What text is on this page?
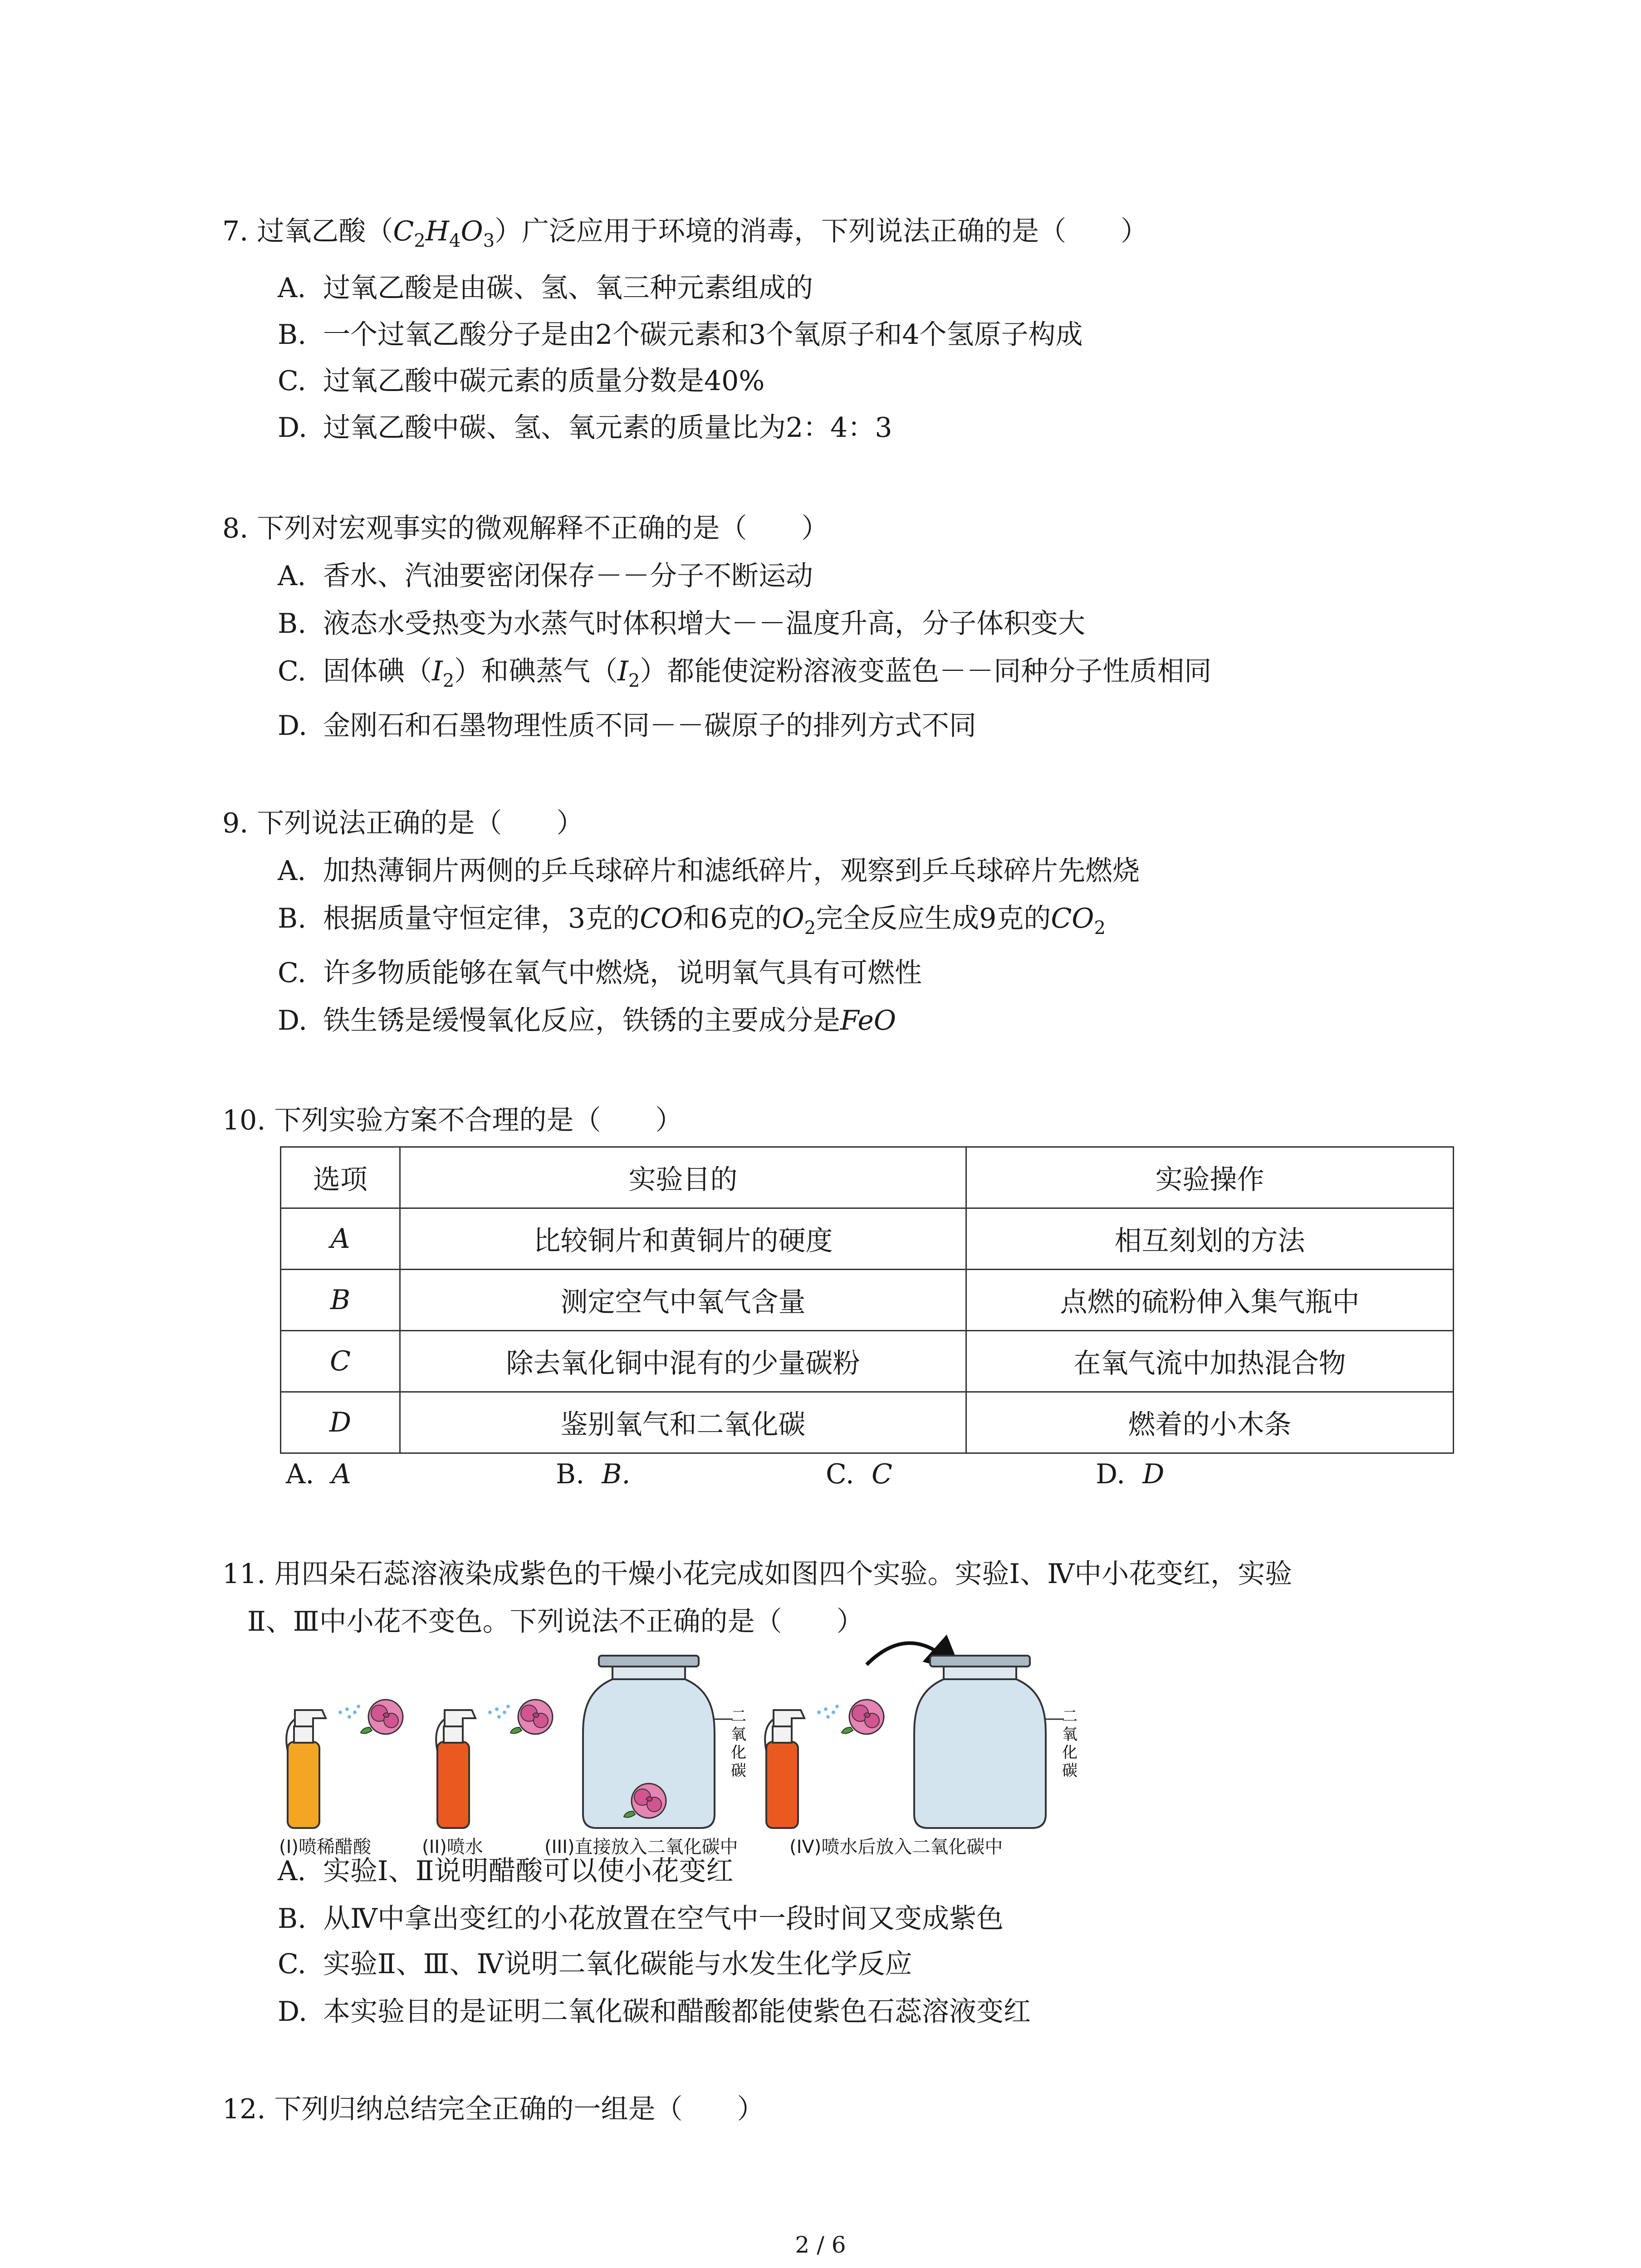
7. 过氧乙酸$(C_2H_4O_3)$广泛应用于环境的消毒，下列说法正确的是（　　）
A. 过氧乙酸是由碳、氢、氧三种元素组成的
B. 一个过氧乙酸分子是由2个碳元素和3个氧原子和4个氢原子构成
C. 过氧乙酸中碳元素的质量分数是40%
D. 过氧乙酸中碳、氢、氧元素的质量比为2：4：3
8. 下列对宏观事实的微观解释不正确的是（　　）
A. 香水、汽油要密闭保存－－分子不断运动
B. 液态水受热变为水蒸气时体积增大－－温度升高，分子体积变大
C. 固体碘$(I_2)$和碘蒸气$(I_2)$都能使淀粉溶液变蓝色－－同种分子性质相同
D. 金刚石和石墨物理性质不同－－碳原子的排列方式不同
9. 下列说法正确的是（　　）
A. 加热薄铜片两侧的乒乓球碎片和滤纸碎片，观察到乒乓球碎片先燃烧
B. 根据质量守恒定律，3克的CO和6克的$O_2$完全反应生成9克的$CO_2$
C. 许多物质能够在氧气中燃烧，说明氧气具有可燃性
D. 铁生锈是缓慢氧化反应，铁锈的主要成分是FeO
10. 下列实验方案不合理的是（　　）
选项	实验目的	实验操作
A	比较铜片和黄铜片的硬度	相互刻划的方法
B	测定空气中氧气含量	点燃的硫粉伸入集气瓶中
C	除去氧化铜中混有的少量碳粉	在氧气流中加热混合物
D	鉴别氧气和二氧化碳	燃着的小木条
A. A	B. B.	C. C	D. D
11. 用四朵石蕊溶液染成紫色的干燥小花完成如图四个实验。实验Ⅰ、Ⅳ中小花变红，实验
Ⅱ、Ⅲ中小花不变色。下列说法不正确的是（　　）
二氧化碳
二氧化碳
(I)喷稀醋酸	(II)喷水	(III)直接放入二氧化碳中	(IV)喷水后放入二氧化碳中
A. 实验Ⅰ、Ⅱ说明醋酸可以使小花变红
B. 从Ⅳ中拿出变红的小花放置在空气中一段时间又变成紫色
C. 实验Ⅱ、Ⅲ、Ⅳ说明二氧化碳能与水发生化学反应
D. 本实验目的是证明二氧化碳和醋酸都能使紫色石蕊溶液变红
12. 下列归纳总结完全正确的一组是（　　）
2 / 6
